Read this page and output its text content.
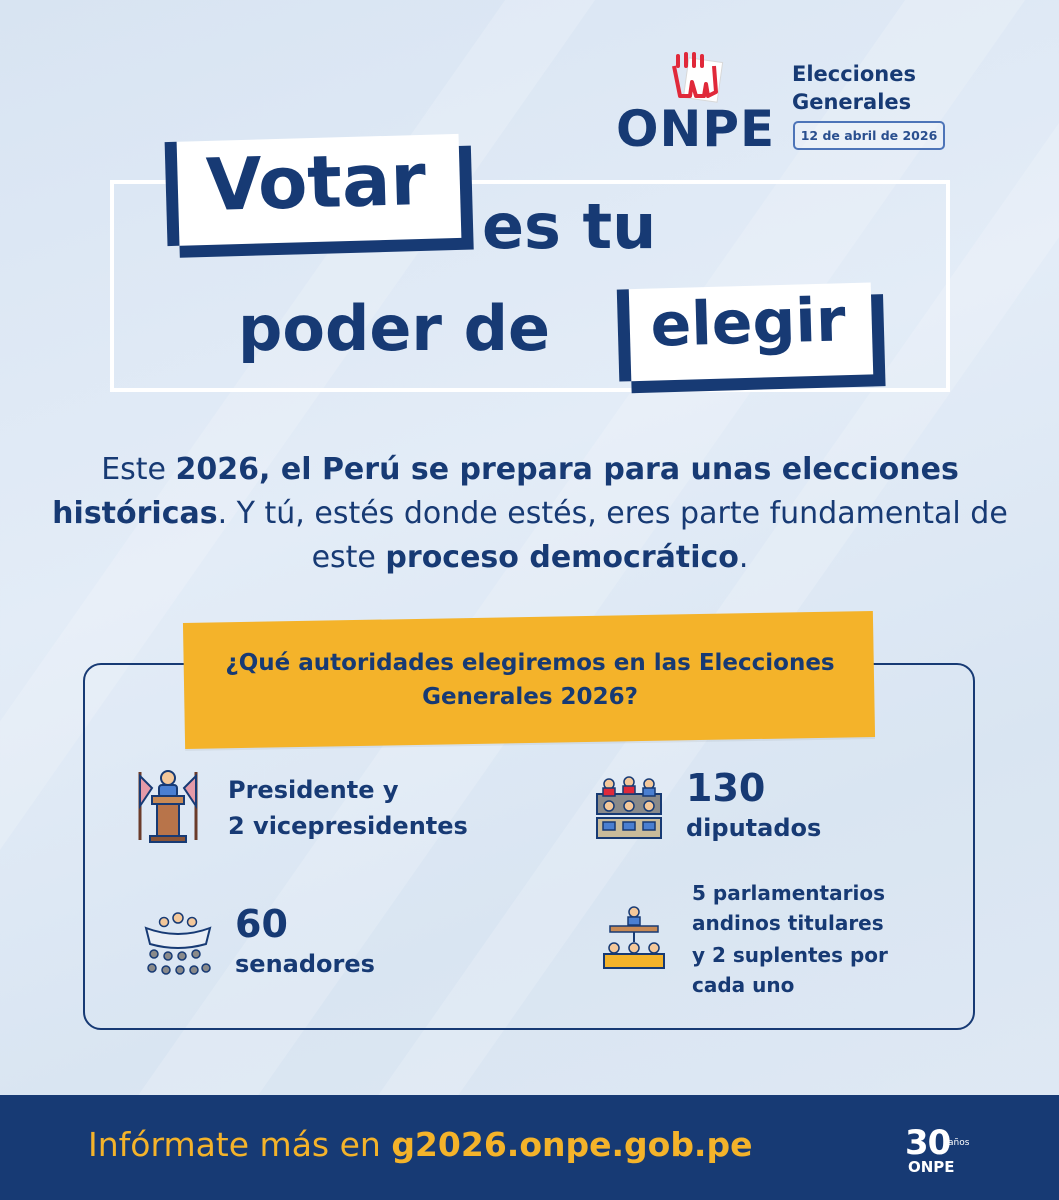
ONPE
Elecciones Generales
12 de abril de 2026
Votar es tu
poder de	elegir
Este 2026, el Perú se prepara para unas elecciones históricas. Y tú, estés donde estés, eres parte fundamental de este proceso democrático.
¿Qué autoridades elegiremos en las Elecciones Generales 2026?
Presidente y
2 vicepresidentes
130
diputados
60
senadores
5 parlamentarios
andinos titulares
y 2 suplentes por
cada uno
Infórmate más en g2026.onpe.gob.pe	30
años
ONPE
